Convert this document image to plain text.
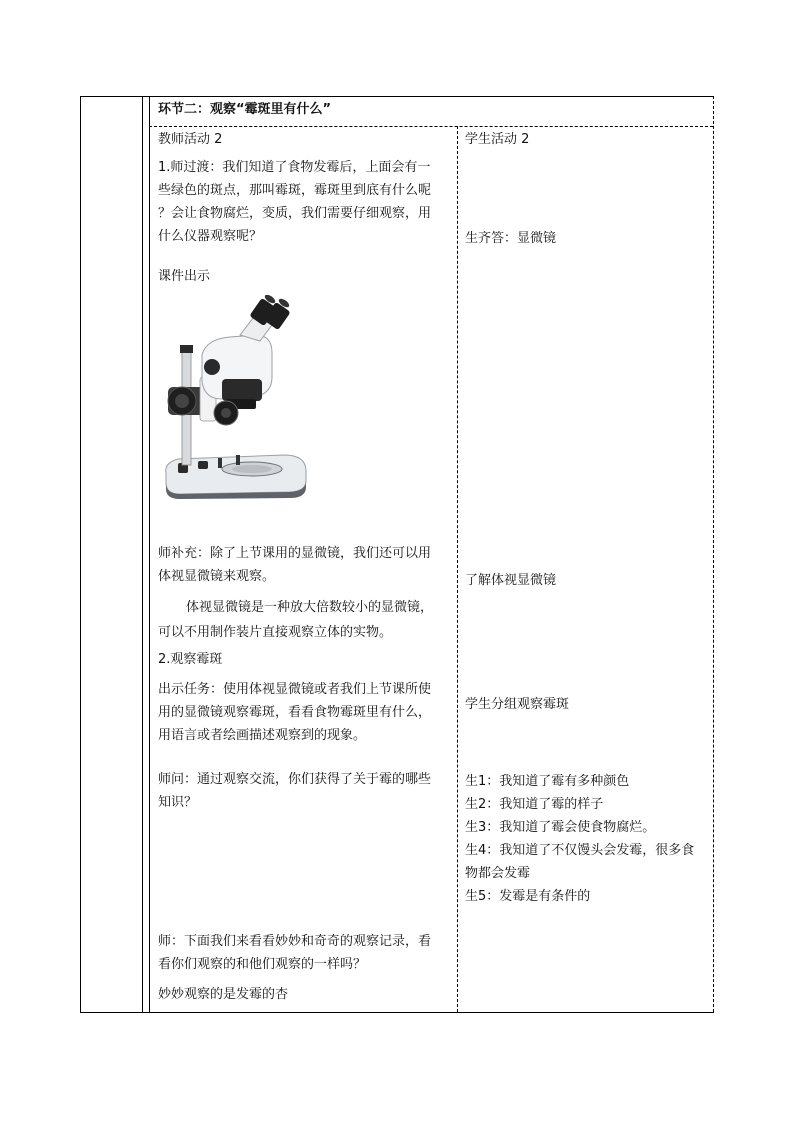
环节二：观察“霉斑里有什么”
教师活动 2	学生活动 2
1.师过渡：我们知道了食物发霉后，上面会有一
些绿色的斑点，那叫霉斑，霉斑里到底有什么呢
？会让食物腐烂，变质，我们需要仔细观察，用
什么仪器观察呢？
课件出示
师补充：除了上节课用的显微镜，我们还可以用
体视显微镜来观察。
体视显微镜是一种放大倍数较小的显微镜，
可以不用制作装片直接观察立体的实物。
2.观察霉斑
出示任务：使用体视显微镜或者我们上节课所使
用的显微镜观察霉斑，看看食物霉斑里有什么，
用语言或者绘画描述观察到的现象。
师问：通过观察交流，你们获得了关于霉的哪些
知识？
师：下面我们来看看妙妙和奇奇的观察记录，看
看你们观察的和他们观察的一样吗？
妙妙观察的是发霉的杏
生齐答：显微镜
了解体视显微镜
学生分组观察霉斑
生1：我知道了霉有多种颜色
生2：我知道了霉的样子
生3：我知道了霉会使食物腐烂。
生4：我知道了不仅馒头会发霉，很多食
物都会发霉
生5：发霉是有条件的
